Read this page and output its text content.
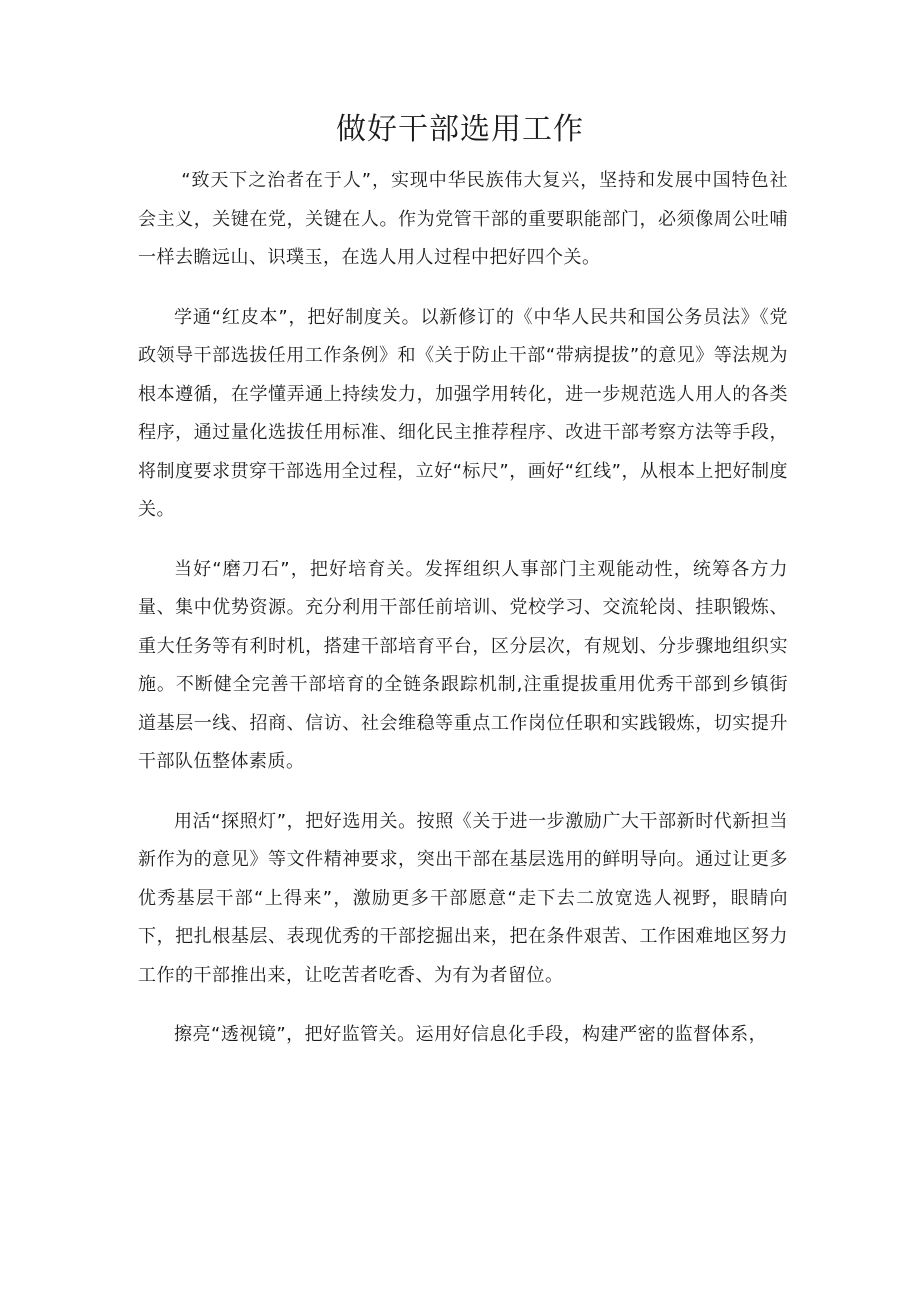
做好干部选用工作

“致天下之治者在于人”，实现中华民族伟大复兴，坚持和发展中国特色社会主义，关键在党，关键在人。作为党管干部的重要职能部门，必须像周公吐哺一样去瞻远山、识璞玉，在选人用人过程中把好四个关。

学通“红皮本”，把好制度关。以新修订的《中华人民共和国公务员法》《党政领导干部选拔任用工作条例》和《关于防止干部“带病提拔”的意见》等法规为根本遵循，在学懂弄通上持续发力，加强学用转化，进一步规范选人用人的各类程序，通过量化选拔任用标准、细化民主推荐程序、改进干部考察方法等手段，将制度要求贯穿干部选用全过程，立好“标尺”，画好“红线”，从根本上把好制度关。

当好“磨刀石”，把好培育关。发挥组织人事部门主观能动性，统筹各方力量、集中优势资源。充分利用干部任前培训、党校学习、交流轮岗、挂职锻炼、重大任务等有利时机，搭建干部培育平台，区分层次，有规划、分步骤地组织实施。不断健全完善干部培育的全链条跟踪机制,注重提拔重用优秀干部到乡镇街道基层一线、招商、信访、社会维稳等重点工作岗位任职和实践锻炼，切实提升干部队伍整体素质。

用活“探照灯”，把好选用关。按照《关于进一步激励广大干部新时代新担当新作为的意见》等文件精神要求，突出干部在基层选用的鲜明导向。通过让更多优秀基层干部“上得来”，激励更多干部愿意“走下去二放宽选人视野，眼睛向下，把扎根基层、表现优秀的干部挖掘出来，把在条件艰苦、工作困难地区努力工作的干部推出来，让吃苦者吃香、为有为者留位。

擦亮“透视镜”，把好监管关。运用好信息化手段，构建严密的监督体系，
